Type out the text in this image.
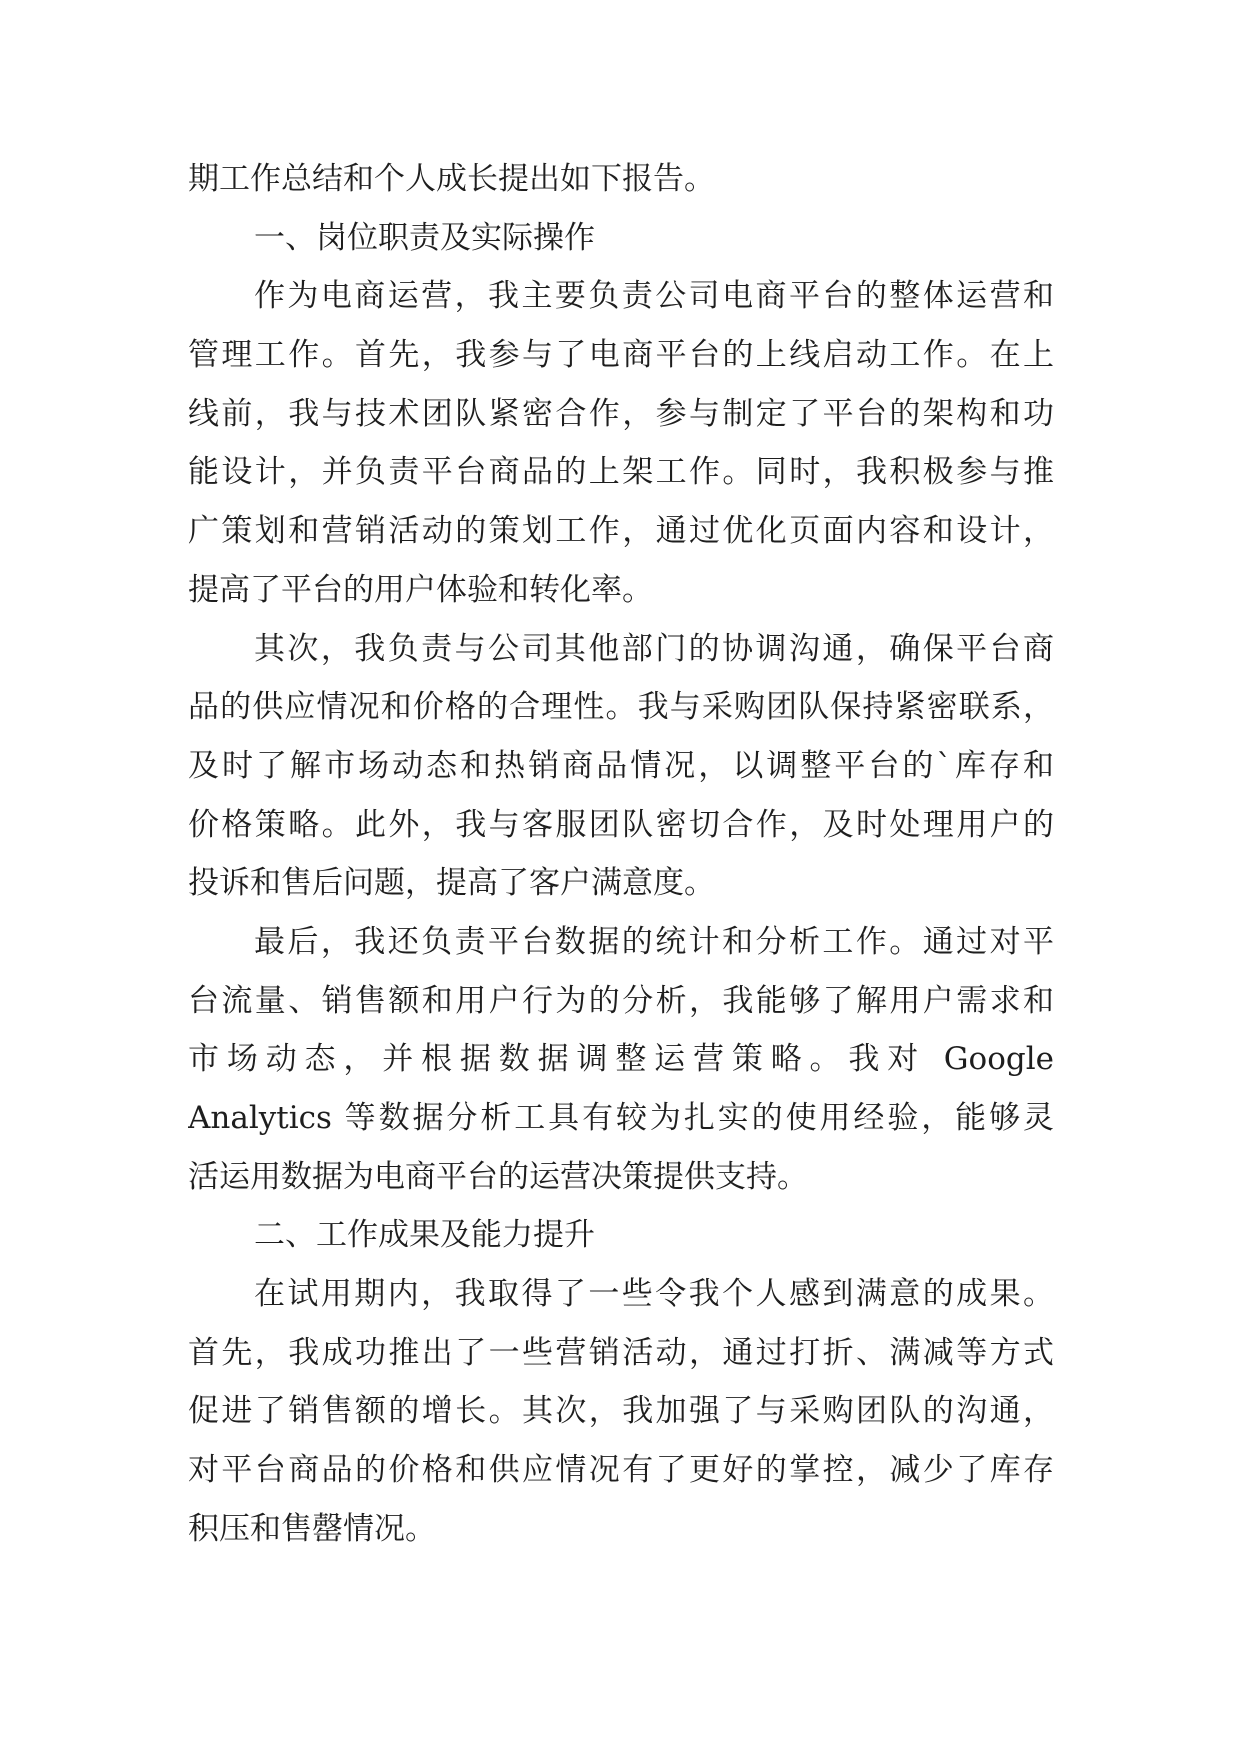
期工作总结和个人成长提出如下报告。
一、岗位职责及实际操作
作为电商运营，我主要负责公司电商平台的整体运营和
管理工作。首先，我参与了电商平台的上线启动工作。在上
线前，我与技术团队紧密合作，参与制定了平台的架构和功
能设计，并负责平台商品的上架工作。同时，我积极参与推
广策划和营销活动的策划工作，通过优化页面内容和设计，
提高了平台的用户体验和转化率。
其次，我负责与公司其他部门的协调沟通，确保平台商
品的供应情况和价格的合理性。我与采购团队保持紧密联系，
及时了解市场动态和热销商品情况，以调整平台的`库存和
价格策略。此外，我与客服团队密切合作，及时处理用户的
投诉和售后问题，提高了客户满意度。
最后，我还负责平台数据的统计和分析工作。通过对平
台流量、销售额和用户行为的分析，我能够了解用户需求和
市场动态，并根据数据调整运营策略。我对 Google
Analytics 等数据分析工具有较为扎实的使用经验，能够灵
活运用数据为电商平台的运营决策提供支持。
二、工作成果及能力提升
在试用期内，我取得了一些令我个人感到满意的成果。
首先，我成功推出了一些营销活动，通过打折、满减等方式
促进了销售额的增长。其次，我加强了与采购团队的沟通，
对平台商品的价格和供应情况有了更好的掌控，减少了库存
积压和售罄情况。
